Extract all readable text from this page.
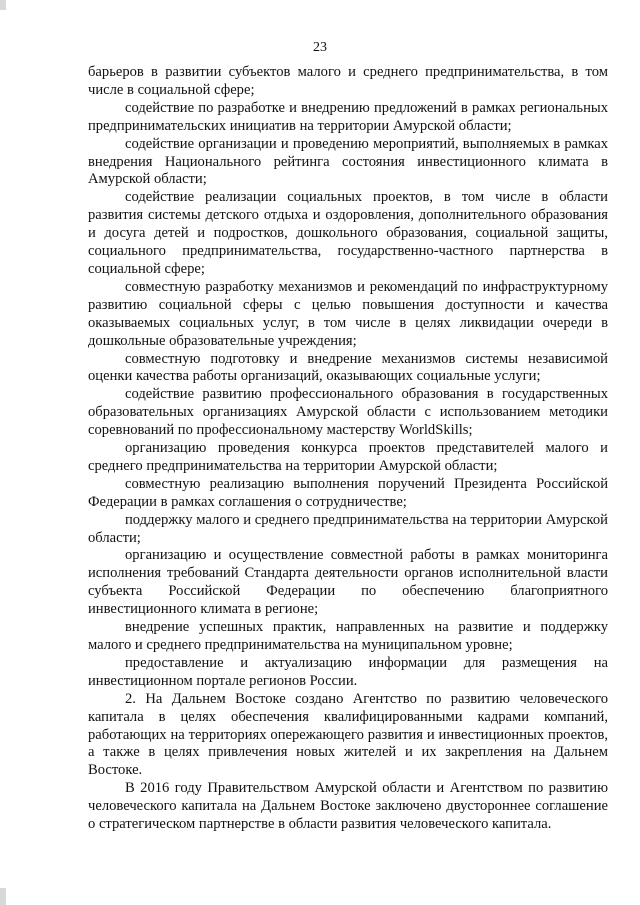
23

барьеров в развитии субъектов малого и среднего предпринимательства, в том числе в социальной сфере;

содействие по разработке и внедрению предложений в рамках региональных предпринимательских инициатив на территории Амурской области;

содействие организации и проведению мероприятий, выполняемых в рамках внедрения Национального рейтинга состояния инвестиционного климата в Амурской области;

содействие реализации социальных проектов, в том числе в области развития системы детского отдыха и оздоровления, дополнительного образования и досуга детей и подростков, дошкольного образования, социальной защиты, социального предпринимательства, государственно-частного партнерства в социальной сфере;

совместную разработку механизмов и рекомендаций по инфраструктурному развитию социальной сферы с целью повышения доступности и качества оказываемых социальных услуг, в том числе в целях ликвидации очереди в дошкольные образовательные учреждения;

совместную подготовку и внедрение механизмов системы независимой оценки качества работы организаций, оказывающих социальные услуги;

содействие развитию профессионального образования в государственных образовательных организациях Амурской области с использованием методики соревнований по профессиональному мастерству WorldSkills;

организацию проведения конкурса проектов представителей малого и среднего предпринимательства на территории Амурской области;

совместную реализацию выполнения поручений Президента Российской Федерации в рамках соглашения о сотрудничестве;

поддержку малого и среднего предпринимательства на территории Амурской области;

организацию и осуществление совместной работы в рамках мониторинга исполнения требований Стандарта деятельности органов исполнительной власти субъекта Российской Федерации по обеспечению благоприятного инвестиционного климата в регионе;

внедрение успешных практик, направленных на развитие и поддержку малого и среднего предпринимательства на муниципальном уровне;

предоставление и актуализацию информации для размещения на инвестиционном портале регионов России.

2. На Дальнем Востоке создано Агентство по развитию человеческого капитала в целях обеспечения квалифицированными кадрами компаний, работающих на территориях опережающего развития и инвестиционных проектов, а также в целях привлечения новых жителей и их закрепления на Дальнем Востоке.

В 2016 году Правительством Амурской области и Агентством по развитию человеческого капитала на Дальнем Востоке заключено двустороннее соглашение о стратегическом партнерстве в области развития человеческого капитала.
